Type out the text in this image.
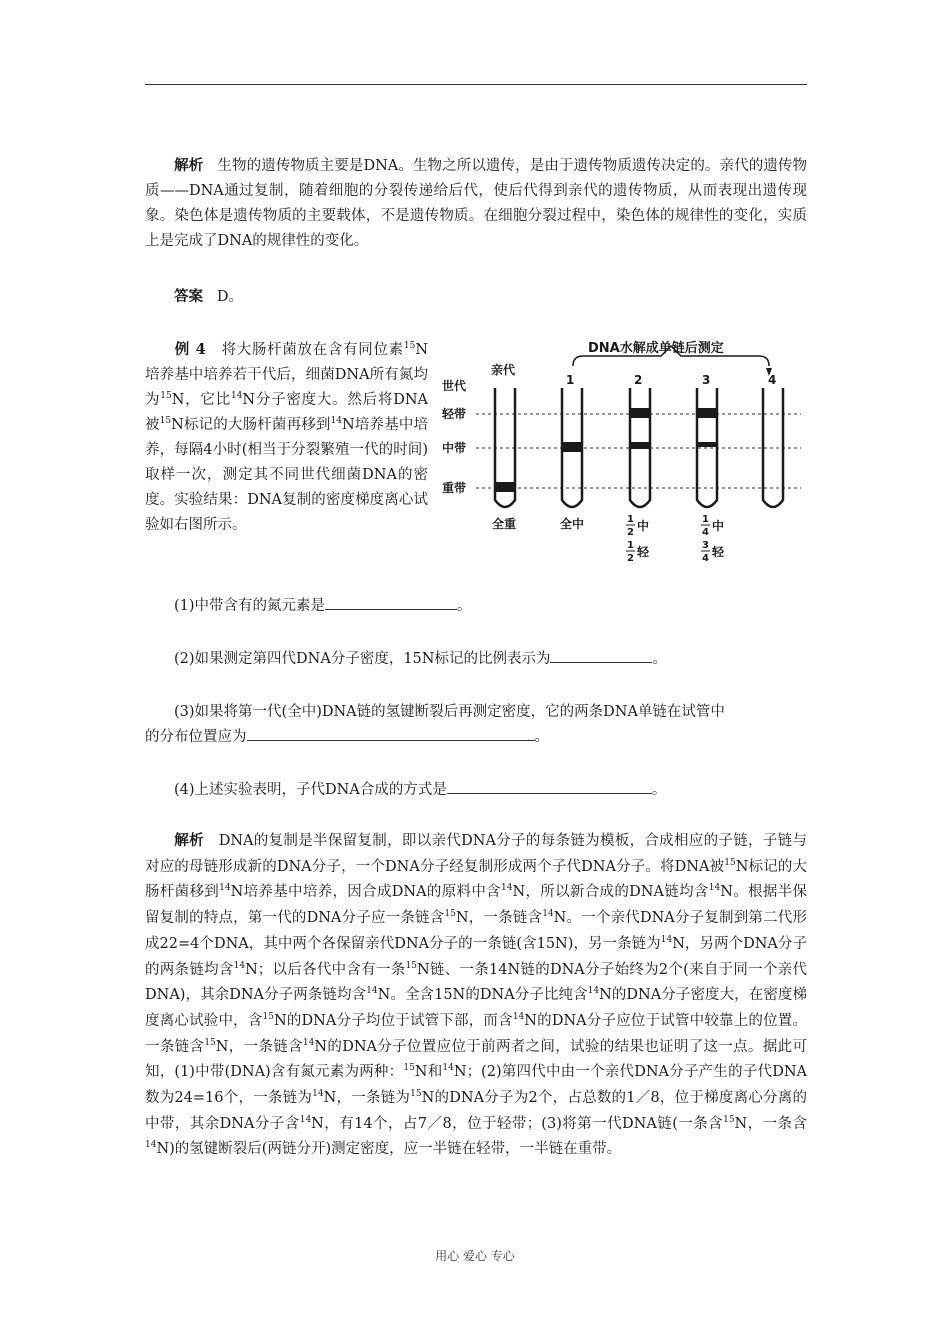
解析 生物的遗传物质主要是DNA。生物之所以遗传，是由于遗传物质遗传决定的。亲代的遗传物质——DNA通过复制，随着细胞的分裂传递给后代，使后代得到亲代的遗传物质，从而表现出遗传现象。染色体是遗传物质的主要载体，不是遗传物质。在细胞分裂过程中，染色体的规律性的变化，实质上是完成了DNA的规律性的变化。

答案 D。

例 4 将大肠杆菌放在含有同位素$^{15}$N培养基中培养若干代后，细菌DNA所有氮均为$^{15}$N，它比$^{14}$N分子密度大。然后将DNA被$^{15}$N标记的大肠杆菌再移到$^{14}$N培养基中培养，每隔4小时(相当于分裂繁殖一代的时间)取样一次，测定其不同世代细菌DNA的密度。实验结果：DNA复制的密度梯度离心试验如右图所示。

DNA水解成单链后测定
世代
亲代
1	2	3	4
轻带
中带
重带
全重	全中	1
2 中
1
2 轻
1
4 中
3
4 轻

(1)中带含有的氮元素是	。

(2)如果测定第四代DNA分子密度，15N标记的比例表示为	。

(3)如果将第一代(全中)DNA链的氢键断裂后再测定密度，它的两条DNA单链在试管中
的分布位置应为	。

(4)上述实验表明，子代DNA合成的方式是	。

解析 DNA的复制是半保留复制，即以亲代DNA分子的每条链为模板，合成相应的子链，子链与对应的母链形成新的DNA分子，一个DNA分子经复制形成两个子代DNA分子。将DNA被$^{15}$N标记的大肠杆菌移到$^{14}$N培养基中培养，因合成DNA的原料中含$^{14}$N，所以新合成的DNA链均含$^{14}$N。根据半保留复制的特点，第一代的DNA分子应一条链含$^{15}$N，一条链含$^{14}$N。一个亲代DNA分子复制到第二代形成22=4个DNA，其中两个各保留亲代DNA分子的一条链(含15N)，另一条链为$^{14}$N，另两个DNA分子的两条链均含$^{14}$N；以后各代中含有一条$^{15}$N链、一条14N链的DNA分子始终为2个(来自于同一个亲代DNA)，其余DNA分子两条链均含$^{14}$N。全含15N的DNA分子比纯含$^{14}$N的DNA分子密度大，在密度梯度离心试验中，含$^{15}$N的DNA分子均位于试管下部，而含$^{14}$N的DNA分子应位于试管中较靠上的位置。一条链含$^{15}$N，一条链含$^{14}$N的DNA分子位置应位于前两者之间，试验的结果也证明了这一点。据此可知，(1)中带(DNA)含有氮元素为两种：$^{15}$N和$^{14}$N；(2)第四代中由一个亲代DNA分子产生的子代DNA数为24=16个，一条链为$^{14}$N，一条链为$^{15}$N的DNA分子为2个，占总数的1／8，位于梯度离心分离的中带，其余DNA分子含$^{14}$N，有14个，占7／8，位于轻带；(3)将第一代DNA链(一条含$^{15}$N，一条含$^{14}$N)的氢键断裂后(两链分开)测定密度，应一半链在轻带，一半链在重带。

用心 爱心 专心
